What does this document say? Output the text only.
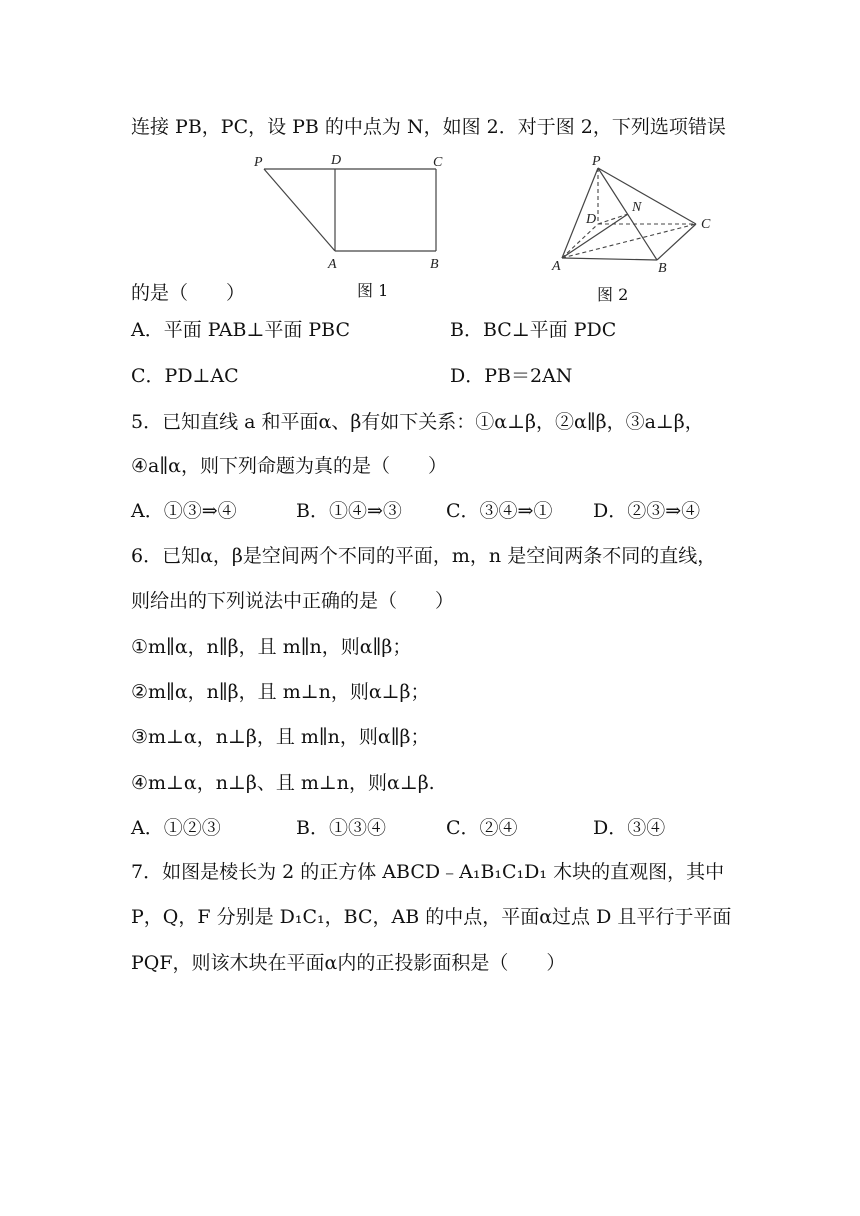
连接 PB，PC，设 PB 的中点为 N，如图 2．对于图 2，下列选项错误
P	D	C
A	B
图 1
P
D
N
C
A	B
图 2
的是（　　）
A．平面 PAB⊥平面 PBC	B．BC⊥平面 PDC
C．PD⊥AC	D．PB＝2AN
5．已知直线 a 和平面α、β有如下关系：①α⊥β，②α∥β，③a⊥β，
④a∥α，则下列命题为真的是（　　）
A．①③⇒④	B．①④⇒③ C．③④⇒① D．②③⇒④
6．已知α，β是空间两个不同的平面，m，n 是空间两条不同的直线，
则给出的下列说法中正确的是（　　）
①m∥α，n∥β，且 m∥n，则α∥β；
②m∥α，n∥β，且 m⊥n，则α⊥β；
③m⊥α，n⊥β，且 m∥n，则α∥β；
④m⊥α，n⊥β、且 m⊥n，则α⊥β.
A．①②③	B．①③④	C．②④	D．③④
7．如图是棱长为 2 的正方体 ABCD﹣A₁B₁C₁D₁ 木块的直观图，其中
P，Q，F 分别是 D₁C₁，BC，AB 的中点，平面α过点 D 且平行于平面
PQF，则该木块在平面α内的正投影面积是（　　）
